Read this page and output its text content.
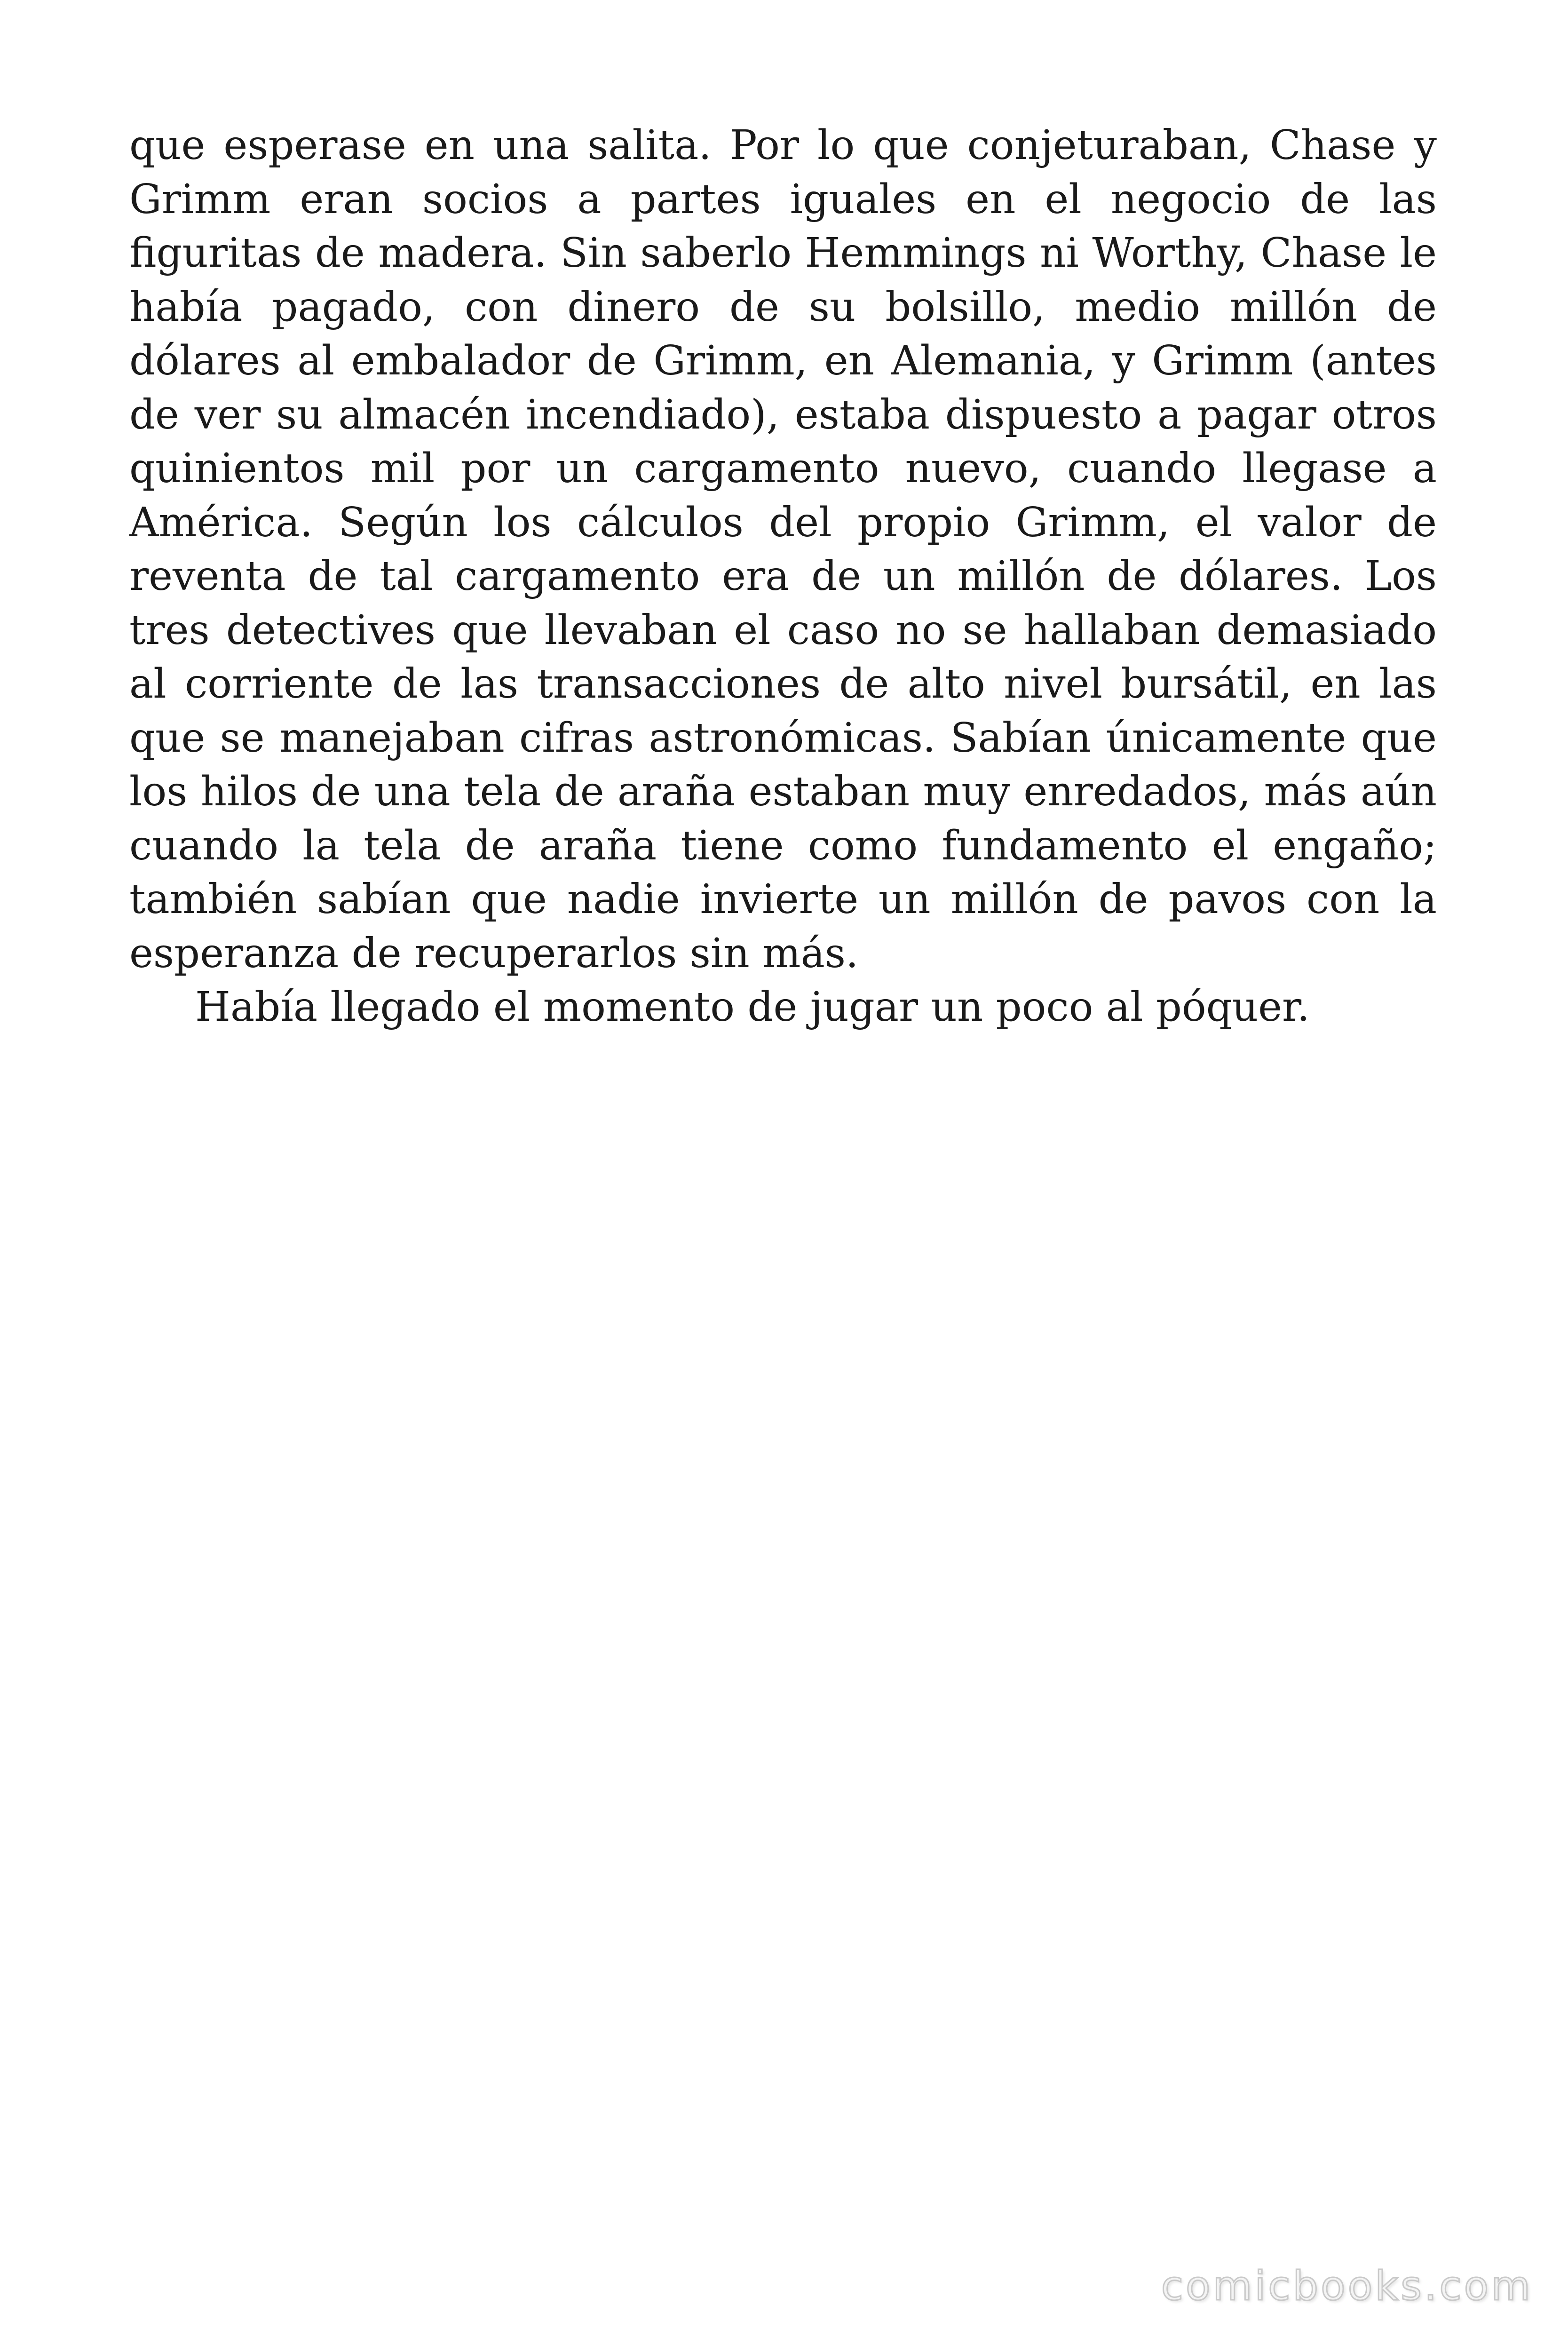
que esperase en una salita. Por lo que conjeturaban, Chase y Grimm eran socios a partes iguales en el negocio de las figuritas de madera. Sin saberlo Hemmings ni Worthy, Chase le había pagado, con dinero de su bolsillo, medio millón de dólares al embalador de Grimm, en Alemania, y Grimm (antes de ver su almacén incendiado), estaba dispuesto a pagar otros quinientos mil por un cargamento nuevo, cuando llegase a América. Según los cálculos del propio Grimm, el valor de reventa de tal cargamento era de un millón de dólares. Los tres detectives que llevaban el caso no se hallaban demasiado al corriente de las transacciones de alto nivel bursátil, en las que se manejaban cifras astronómicas. Sabían únicamente que los hilos de una tela de araña estaban muy enredados, más aún cuando la tela de araña tiene como fundamento el engaño; también sabían que nadie invierte un millón de pavos con la esperanza de recuperarlos sin más.

Había llegado el momento de jugar un poco al póquer.

comicbooks.com
